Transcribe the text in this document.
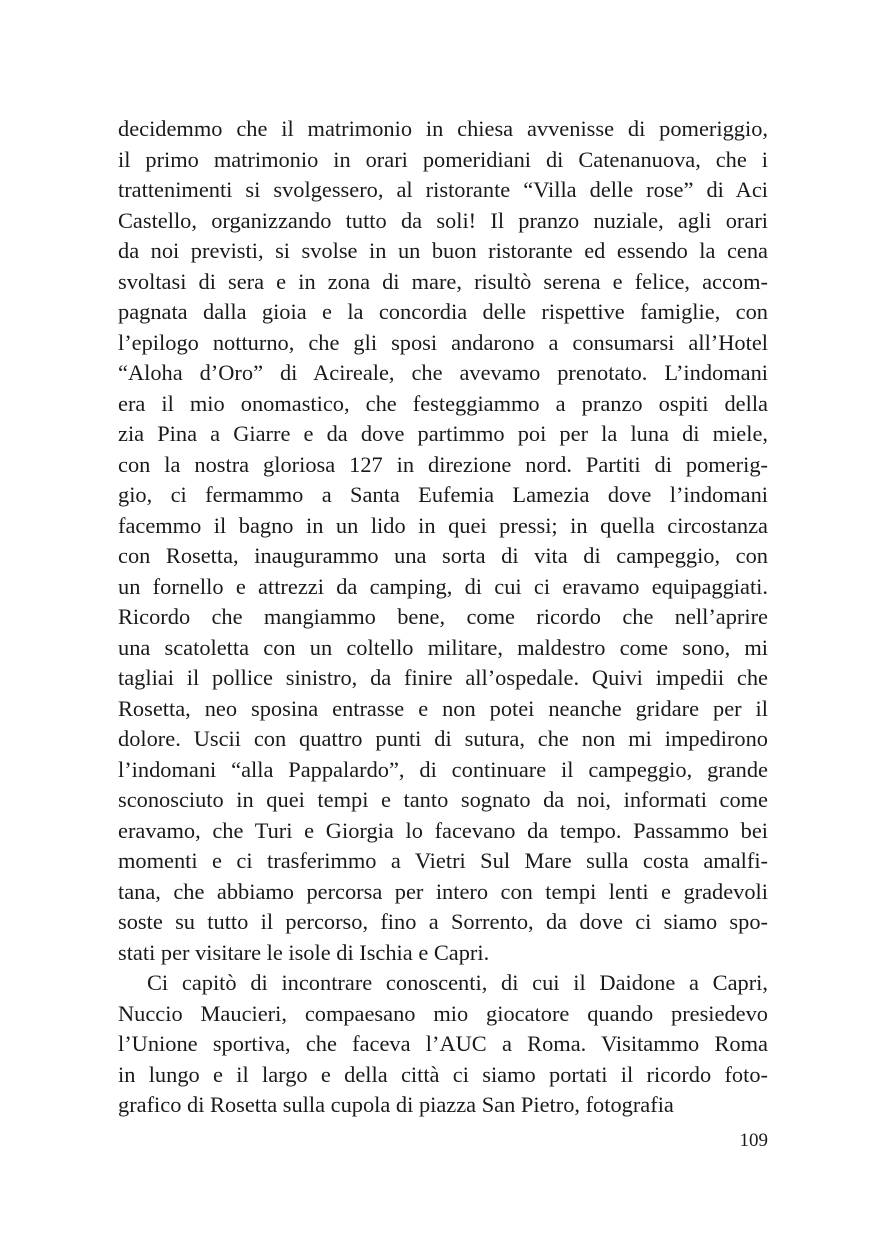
decidemmo che il matrimonio in chiesa avvenisse di pomeriggio,
il primo matrimonio in orari pomeridiani di Catenanuova, che i
trattenimenti si svolgessero, al ristorante “Villa delle rose” di Aci
Castello, organizzando tutto da soli! Il pranzo nuziale, agli orari
da noi previsti, si svolse in un buon ristorante ed essendo la cena
svoltasi di sera e in zona di mare, risultò serena e felice, accom-
pagnata dalla gioia e la concordia delle rispettive famiglie, con
l’epilogo notturno, che gli sposi andarono a consumarsi all’Hotel
“Aloha d’Oro” di Acireale, che avevamo prenotato. L’indomani
era il mio onomastico, che festeggiammo a pranzo ospiti della
zia Pina a Giarre e da dove partimmo poi per la luna di miele,
con la nostra gloriosa 127 in direzione nord. Partiti di pomerig-
gio, ci fermammo a Santa Eufemia Lamezia dove l’indomani
facemmo il bagno in un lido in quei pressi; in quella circostanza
con Rosetta, inaugurammo una sorta di vita di campeggio, con
un fornello e attrezzi da camping, di cui ci eravamo equipaggiati.
Ricordo che mangiammo bene, come ricordo che nell’aprire
una scatoletta con un coltello militare, maldestro come sono, mi
tagliai il pollice sinistro, da finire all’ospedale. Quivi impedii che
Rosetta, neo sposina entrasse e non potei neanche gridare per il
dolore. Uscii con quattro punti di sutura, che non mi impedirono
l’indomani “alla Pappalardo”, di continuare il campeggio, grande
sconosciuto in quei tempi e tanto sognato da noi, informati come
eravamo, che Turi e Giorgia lo facevano da tempo. Passammo bei
momenti e ci trasferimmo a Vietri Sul Mare sulla costa amalfi-
tana, che abbiamo percorsa per intero con tempi lenti e gradevoli
soste su tutto il percorso, fino a Sorrento, da dove ci siamo spo-
stati per visitare le isole di Ischia e Capri.
Ci capitò di incontrare conoscenti, di cui il Daidone a Capri,
Nuccio Maucieri, compaesano mio giocatore quando presiedevo
l’Unione sportiva, che faceva l’AUC a Roma. Visitammo Roma
in lungo e il largo e della città ci siamo portati il ricordo foto-
grafico di Rosetta sulla cupola di piazza San Pietro, fotografia
109
